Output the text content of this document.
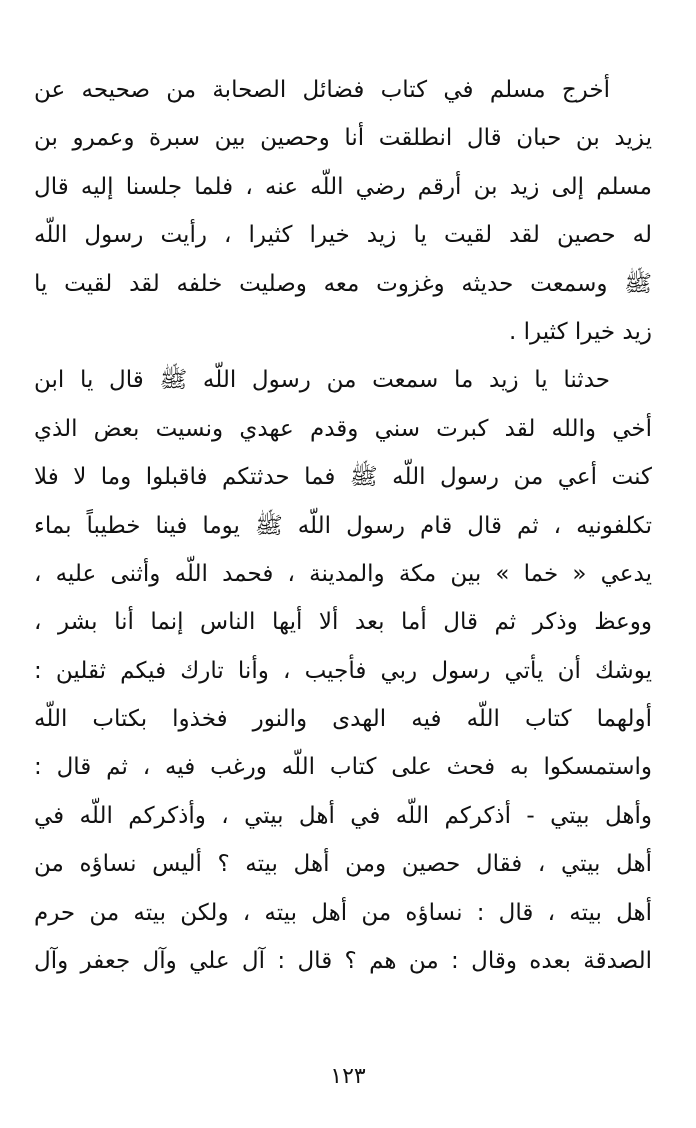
أخرج مسلم في كتاب فضائل الصحابة من صحيحه عن
يزيد بن حبان قال انطلقت أنا وحصين بين سبرة وعمرو بن
مسلم إلى زيد بن أرقم رضي اللّه عنه ، فلما جلسنا إليه قال
له حصين لقد لقيت يا زيد خيرا كثيرا ، رأيت رسول اللّه
ﷺ وسمعت حديثه وغزوت معه وصليت خلفه لقد لقيت يا
زيد خيرا كثيرا .
حدثنا يا زيد ما سمعت من رسول اللّه ﷺ قال يا ابن
أخي والله لقد كبرت سني وقدم عهدي ونسيت بعض الذي
كنت أعي من رسول اللّه ﷺ فما حدثتكم فاقبلوا وما لا فلا
تكلفونيه ، ثم قال قام رسول اللّه ﷺ يوما فينا خطيباً بماء
يدعي « خما » بين مكة والمدينة ، فحمد اللّه وأثنى عليه ،
ووعظ وذكر ثم قال أما بعد ألا أيها الناس إنما أنا بشر ،
يوشك أن يأتي رسول ربي فأجيب ، وأنا تارك فيكم ثقلين :
أولهما كتاب اللّه فيه الهدى والنور فخذوا بكتاب اللّه
واستمسكوا به فحث على كتاب اللّه ورغب فيه ، ثم قال :
وأهل بيتي - أذكركم اللّه في أهل بيتي ، وأذكركم اللّه في
أهل بيتي ، فقال حصين ومن أهل بيته ؟ أليس نساؤه من
أهل بيته ، قال : نساؤه من أهل بيته ، ولكن بيته من حرم
الصدقة بعده وقال : من هم ؟ قال : آل علي وآل جعفر وآل
١٢٣
